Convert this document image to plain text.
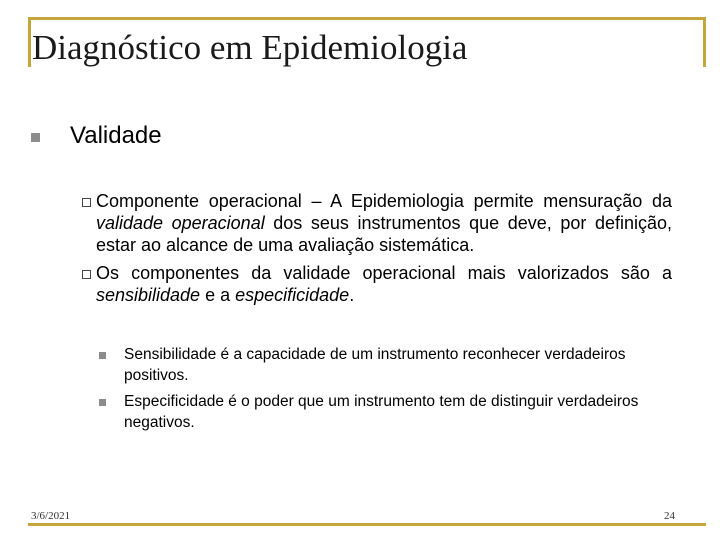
Diagnóstico em Epidemiologia
Validade

Componente operacional – A Epidemiologia permite mensuração da validade operacional dos seus instrumentos que deve, por definição, estar ao alcance de uma avaliação sistemática.

Os componentes da validade operacional mais valorizados são a sensibilidade e a especificidade.

Sensibilidade é a capacidade de um instrumento reconhecer verdadeiros positivos.

Especificidade é o poder que um instrumento tem de distinguir verdadeiros negativos.

3/6/2021	24
